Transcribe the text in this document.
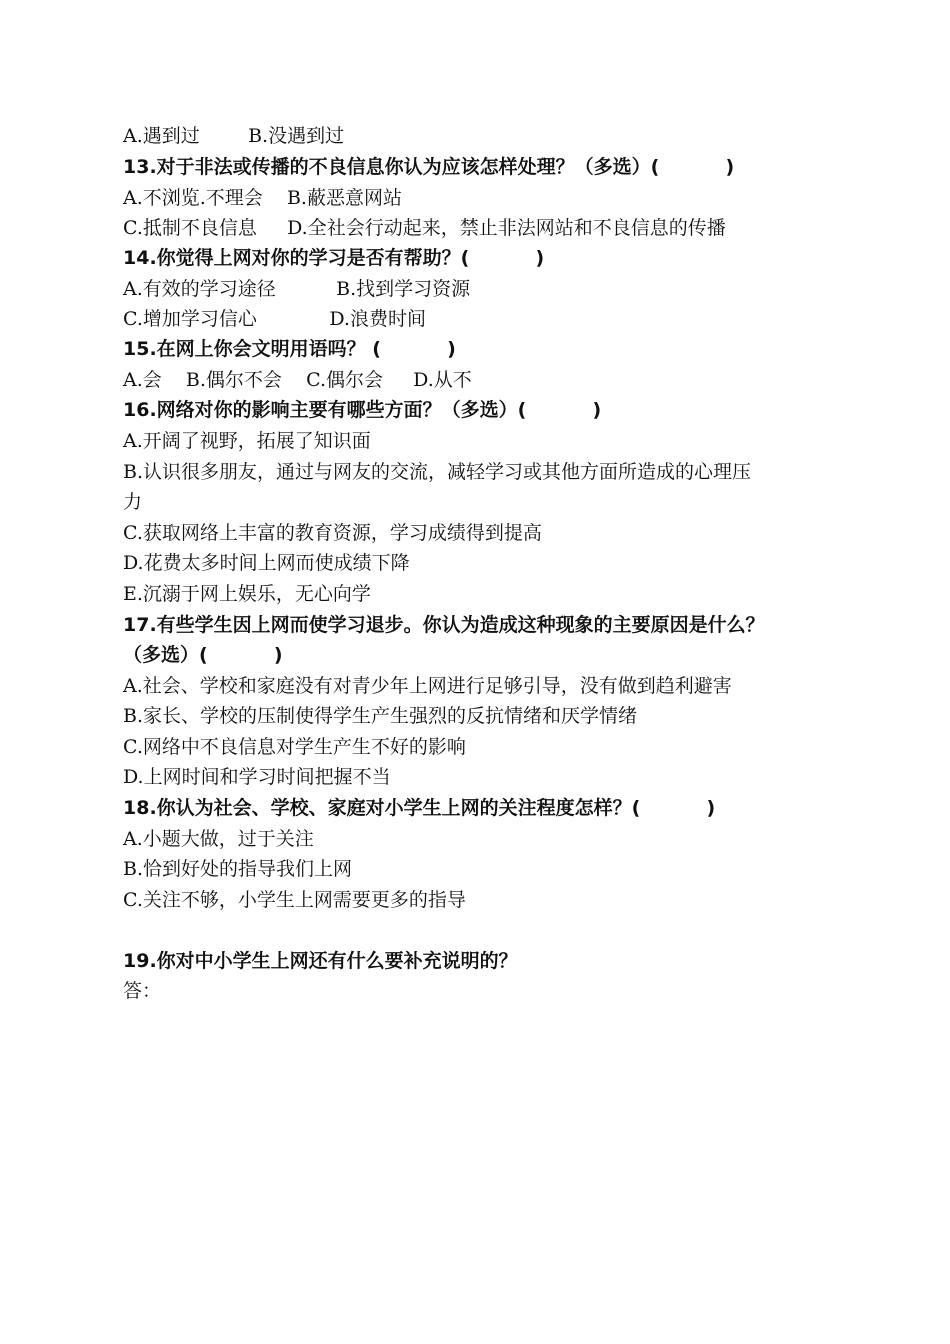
A.遇到过        B.没遇到过
13.对于非法或传播的不良信息你认为应该怎样处理？（多选）(          )
A.不浏览.不理会    B.蔽恶意网站
C.抵制不良信息     D.全社会行动起来，禁止非法网站和不良信息的传播
14.你觉得上网对你的学习是否有帮助？(          )
A.有效的学习途径          B.找到学习资源
C.增加学习信心            D.浪费时间
15.在网上你会文明用语吗？ (          )
A.会    B.偶尔不会    C.偶尔会     D.从不
16.网络对你的影响主要有哪些方面？（多选）(          )
A.开阔了视野，拓展了知识面
B.认识很多朋友，通过与网友的交流，减轻学习或其他方面所造成的心理压
力
C.获取网络上丰富的教育资源，学习成绩得到提高
D.花费太多时间上网而使成绩下降
E.沉溺于网上娱乐，无心向学
17.有些学生因上网而使学习退步。你认为造成这种现象的主要原因是什么？
（多选）(          )
A.社会、学校和家庭没有对青少年上网进行足够引导，没有做到趋利避害
B.家长、学校的压制使得学生产生强烈的反抗情绪和厌学情绪
C.网络中不良信息对学生产生不好的影响
D.上网时间和学习时间把握不当
18.你认为社会、学校、家庭对小学生上网的关注程度怎样？(          )
A.小题大做，过于关注
B.恰到好处的指导我们上网
C.关注不够，小学生上网需要更多的指导
19.你对中小学生上网还有什么要补充说明的？
答：
